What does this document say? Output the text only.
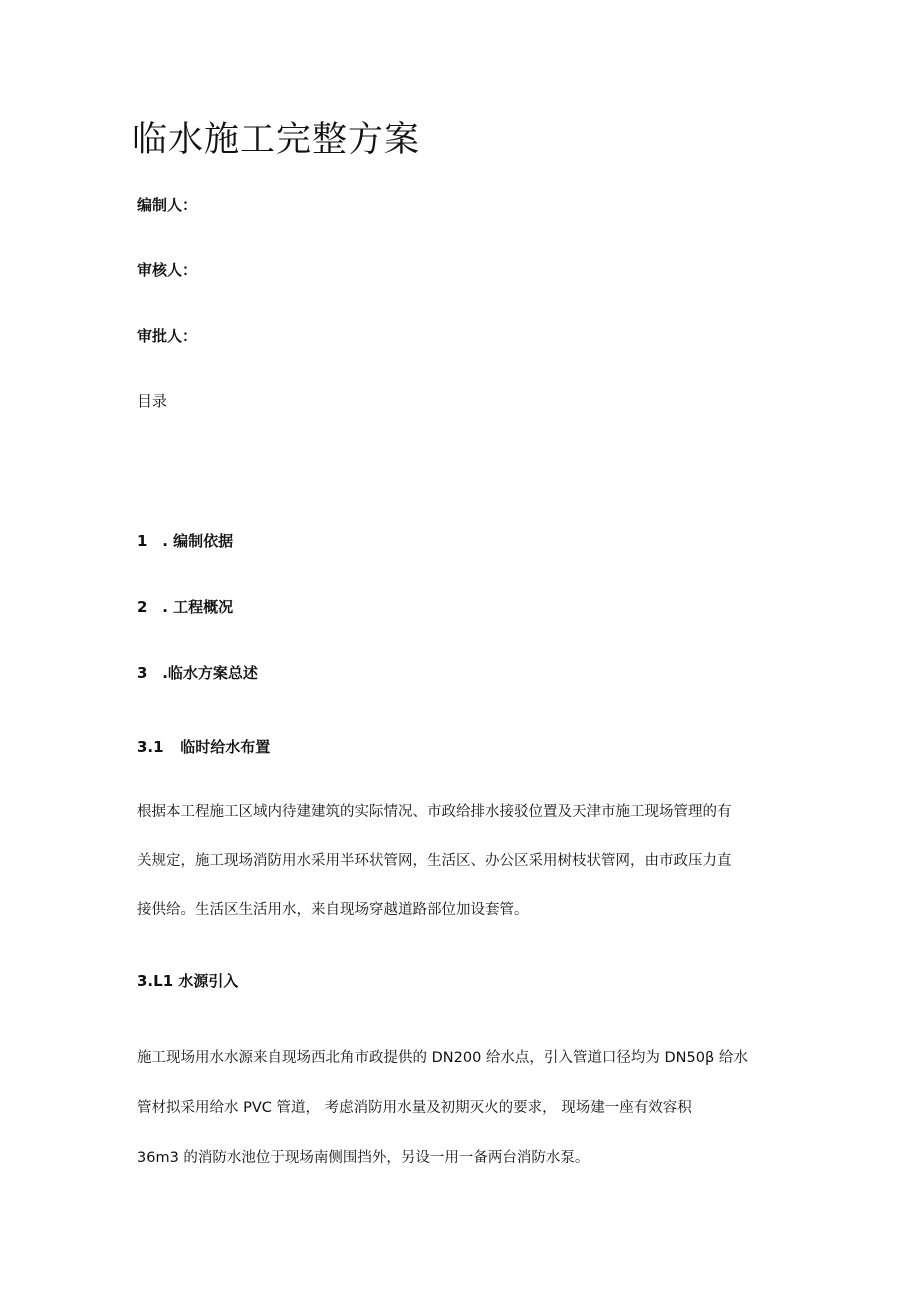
临水施工完整方案
编制人：
审核人：
审批人：
目录
1 . 编制依据
2 . 工程概况
3 .临水方案总述
3.1 临时给水布置
根据本工程施工区域内待建建筑的实际情况、市政给排水接驳位置及天津市施工现场管理的有
关规定，施工现场消防用水采用半环状管网，生活区、办公区采用树枝状管网，由市政压力直
接供给。生活区生活用水，来自现场穿越道路部位加设套管。
3.L1 水源引入
施工现场用水水源来自现场西北角市政提供的 DN200 给水点，引入管道口径均为 DN50β 给水
管材拟采用给水 PVC 管道， 考虑消防用水量及初期灭火的要求， 现场建一座有效容积
36m3 的消防水池位于现场南侧围挡外，另设一用一备两台消防水泵。
